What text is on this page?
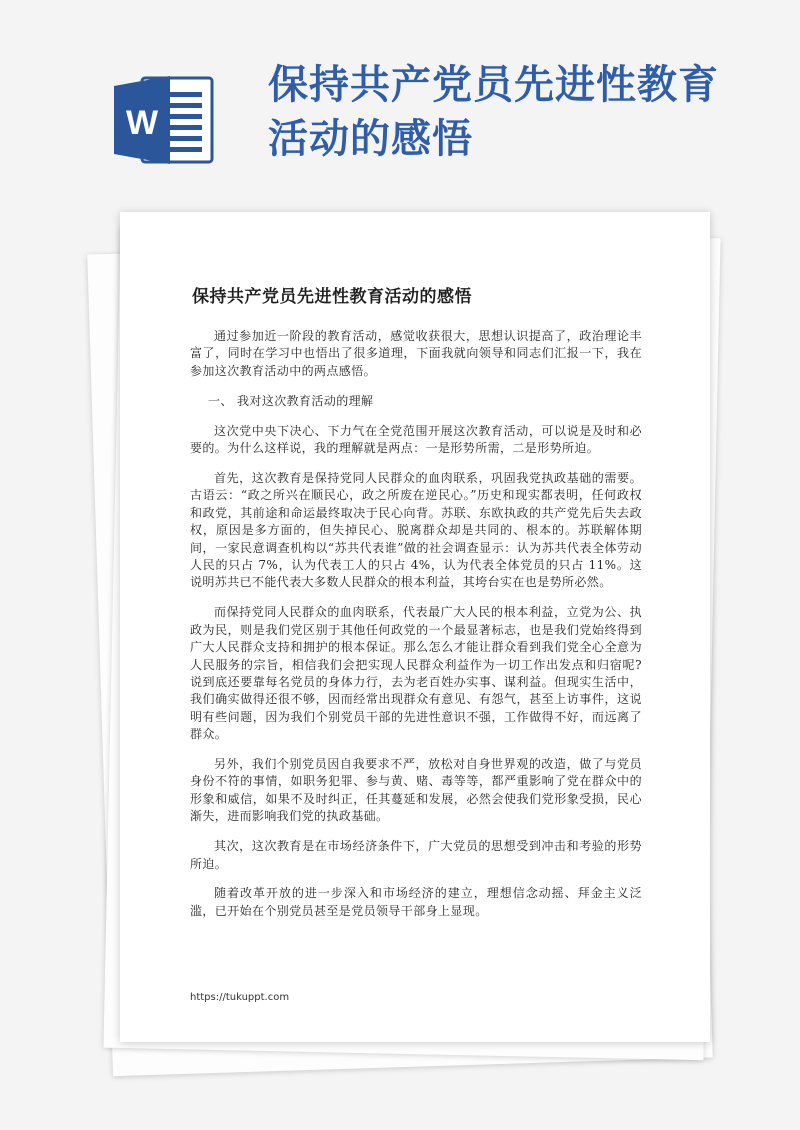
W
保持共产党员先进性教育活动的感悟
保持共产党员先进性教育活动的感悟

通过参加近一阶段的教育活动，感觉收获很大，思想认识提高了，政治理论丰富了，同时在学习中也悟出了很多道理，下面我就向领导和同志们汇报一下，我在参加这次教育活动中的两点感悟。

一、 我对这次教育活动的理解

这次党中央下决心、下力气在全党范围开展这次教育活动，可以说是及时和必要的。为什么这样说，我的理解就是两点：一是形势所需，二是形势所迫。

首先，这次教育是保持党同人民群众的血肉联系，巩固我党执政基础的需要。 古语云：“政之所兴在顺民心，政之所废在逆民心。”历史和现实都表明，任何政权和政党，其前途和命运最终取决于民心向背。苏联、东欧执政的共产党先后失去政权，原因是多方面的，但失掉民心、脱离群众却是共同的、根本的。苏联解体期间，一家民意调查机构以“苏共代表谁”做的社会调查显示：认为苏共代表全体劳动人民的只占 7%，认为代表工人的只占 4%，认为代表全体党员的只占 11%。这说明苏共已不能代表大多数人民群众的根本利益，其垮台实在也是势所必然。

而保持党同人民群众的血肉联系，代表最广大人民的根本利益，立党为公、执政为民，则是我们党区别于其他任何政党的一个最显著标志，也是我们党始终得到广大人民群众支持和拥护的根本保证。那么怎么才能让群众看到我们党全心全意为人民服务的宗旨，相信我们会把实现人民群众利益作为一切工作出发点和归宿呢?说到底还要靠每名党员的身体力行，去为老百姓办实事、谋利益。但现实生活中，我们确实做得还很不够，因而经常出现群众有意见、有怨气，甚至上访事件，这说明有些问题，因为我们个别党员干部的先进性意识不强，工作做得不好，而远离了群众。

另外，我们个别党员因自我要求不严，放松对自身世界观的改造，做了与党员身份不符的事情，如职务犯罪、参与黄、赌、毒等等，都严重影响了党在群众中的形象和威信，如果不及时纠正，任其蔓延和发展，必然会使我们党形象受损，民心渐失，进而影响我们党的执政基础。

其次，这次教育是在市场经济条件下，广大党员的思想受到冲击和考验的形势所迫。

随着改革开放的进一步深入和市场经济的建立，理想信念动摇、拜金主义泛滥，已开始在个别党员甚至是党员领导干部身上显现。

https://tukuppt.com
